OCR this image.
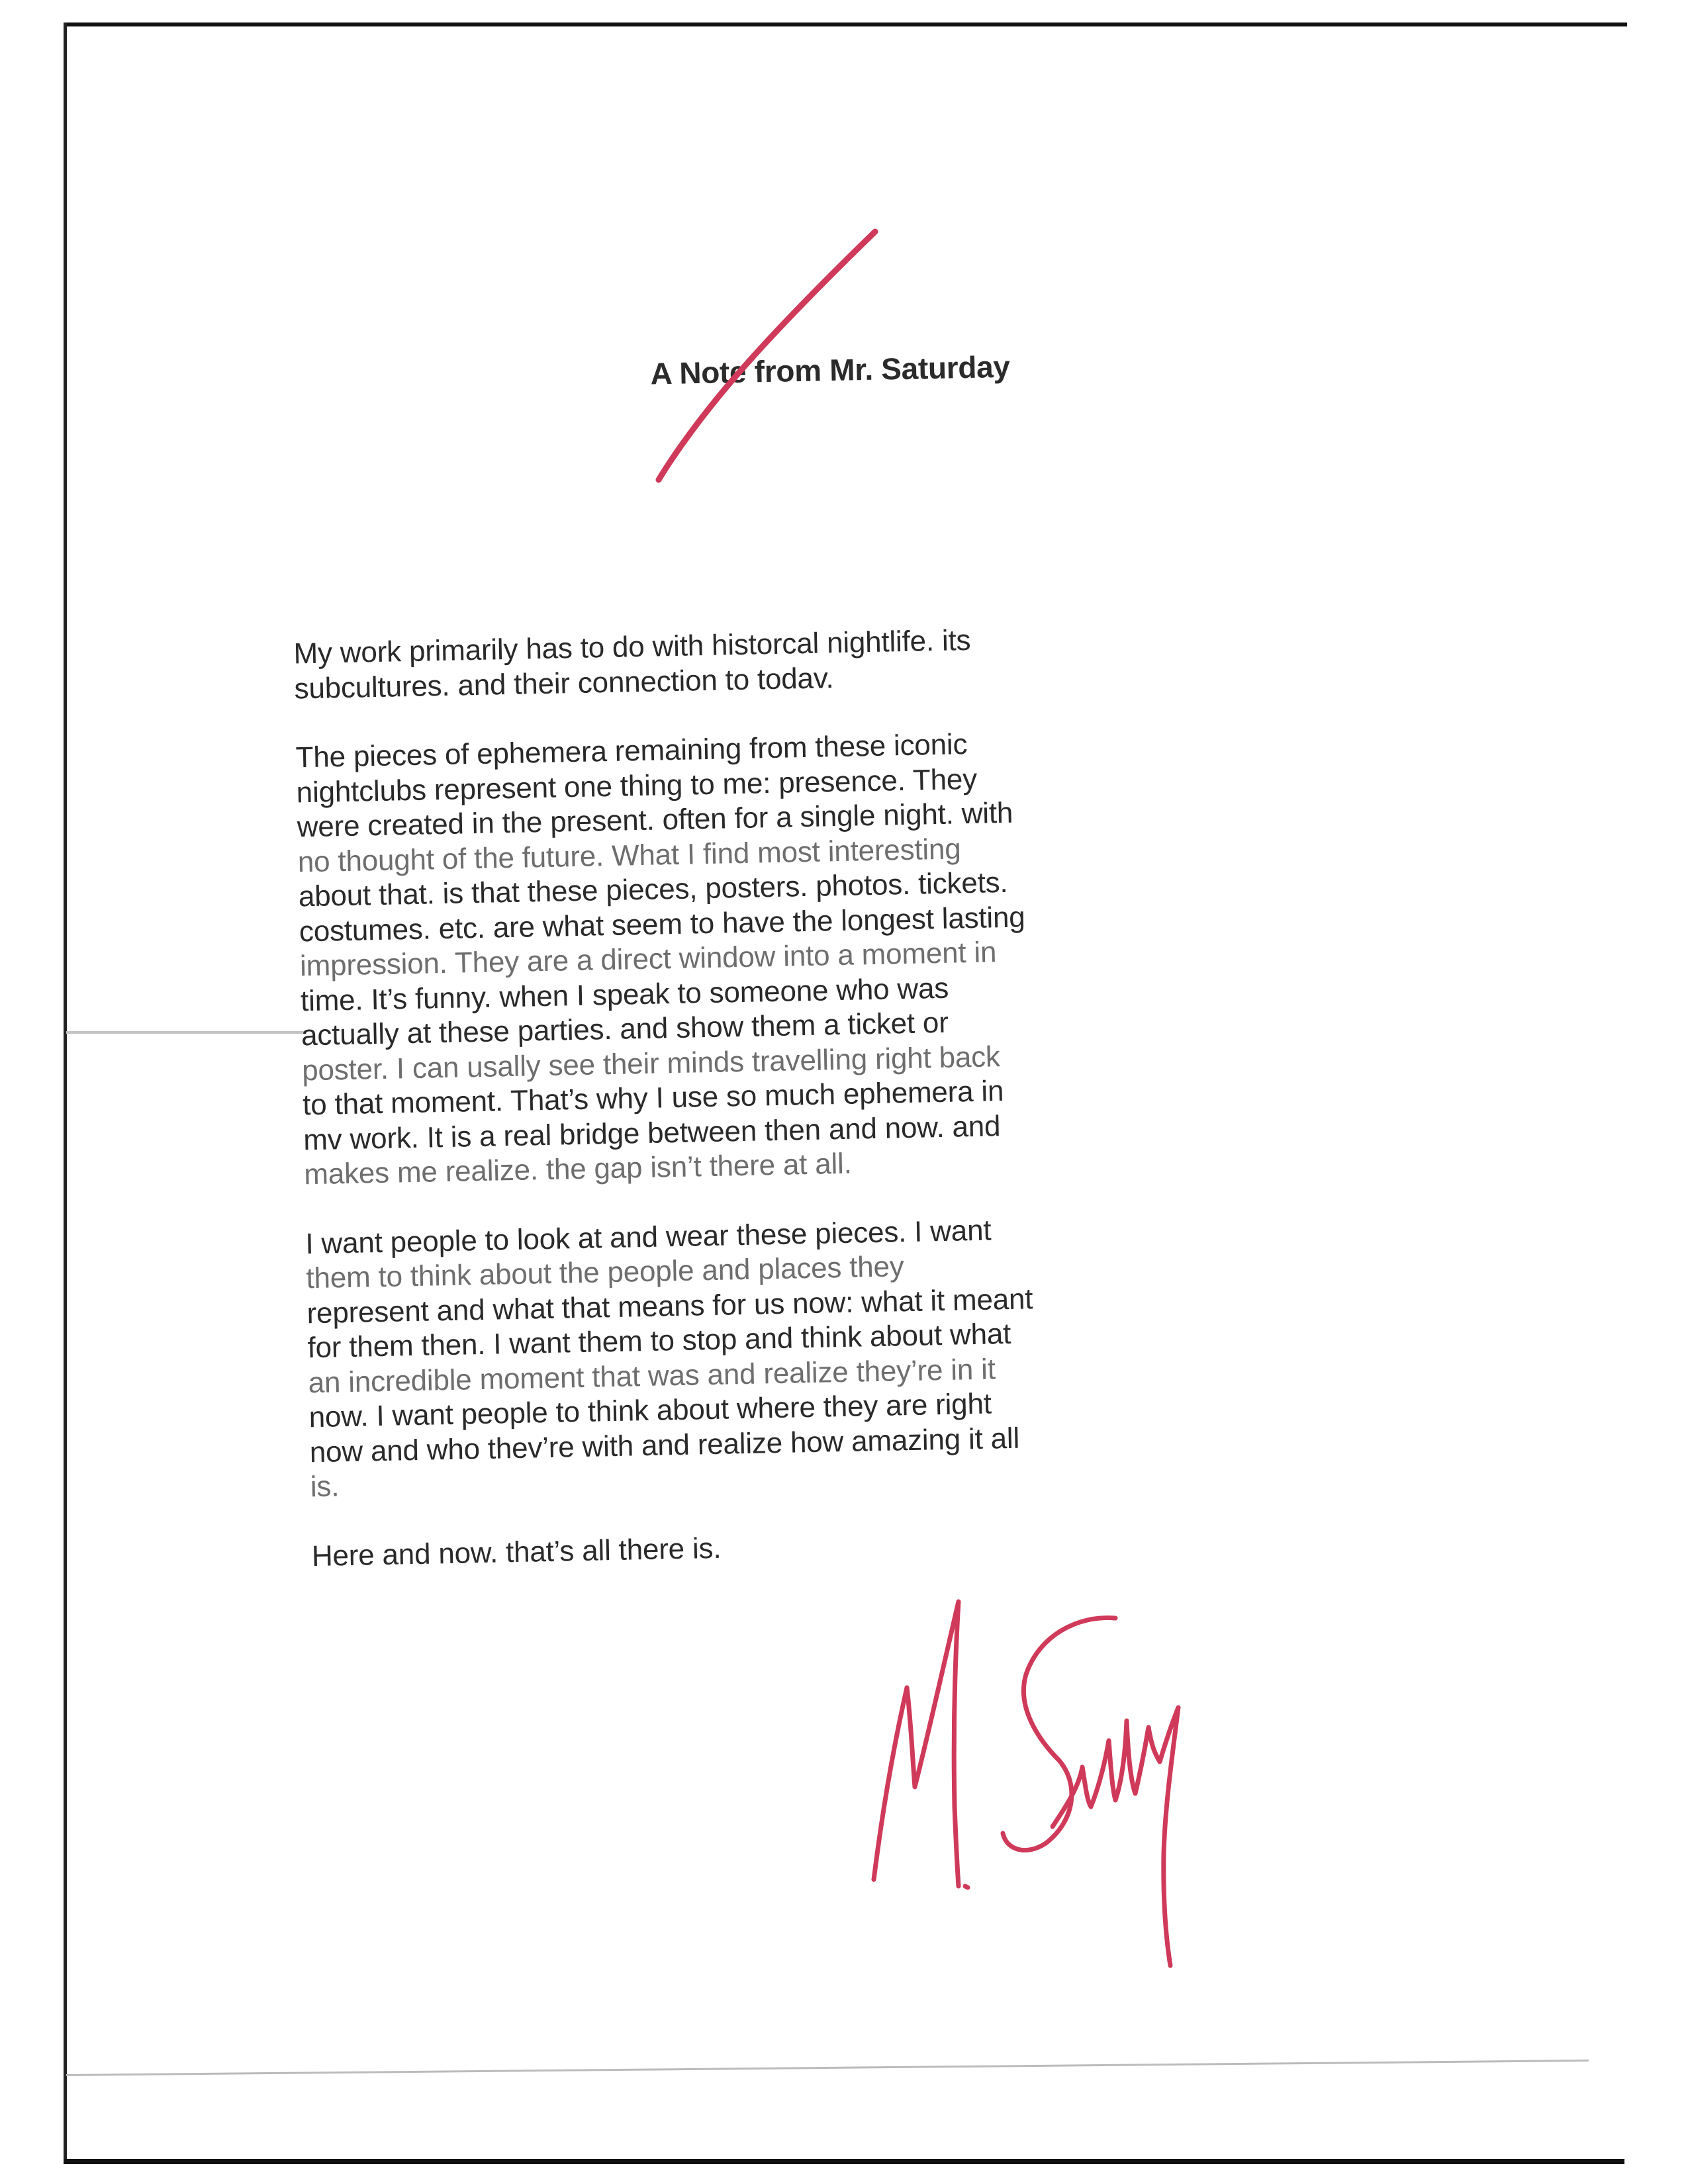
A Note from Mr. Saturday
My work primarily has to do with historcal nightlife. its
subcultures. and their connection to todav.
The pieces of ephemera remaining from these iconic
nightclubs represent one thing to me: presence. They
were created in the present. often for a single night. with
no thought of the future. What I find most interesting
about that. is that these pieces, posters. photos. tickets.
costumes. etc. are what seem to have the longest lasting
impression. They are a direct window into a moment in
time. It’s funny. when I speak to someone who was
actually at these parties. and show them a ticket or
poster. I can usally see their minds travelling right back
to that moment. That’s why I use so much ephemera in
mv work. It is a real bridge between then and now. and
makes me realize. the gap isn’t there at all.
I want people to look at and wear these pieces. I want
them to think about the people and places they
represent and what that means for us now: what it meant
for them then. I want them to stop and think about what
an incredible moment that was and realize they’re in it
now. I want people to think about where they are right
now and who thev’re with and realize how amazing it all
is.
Here and now. that’s all there is.
